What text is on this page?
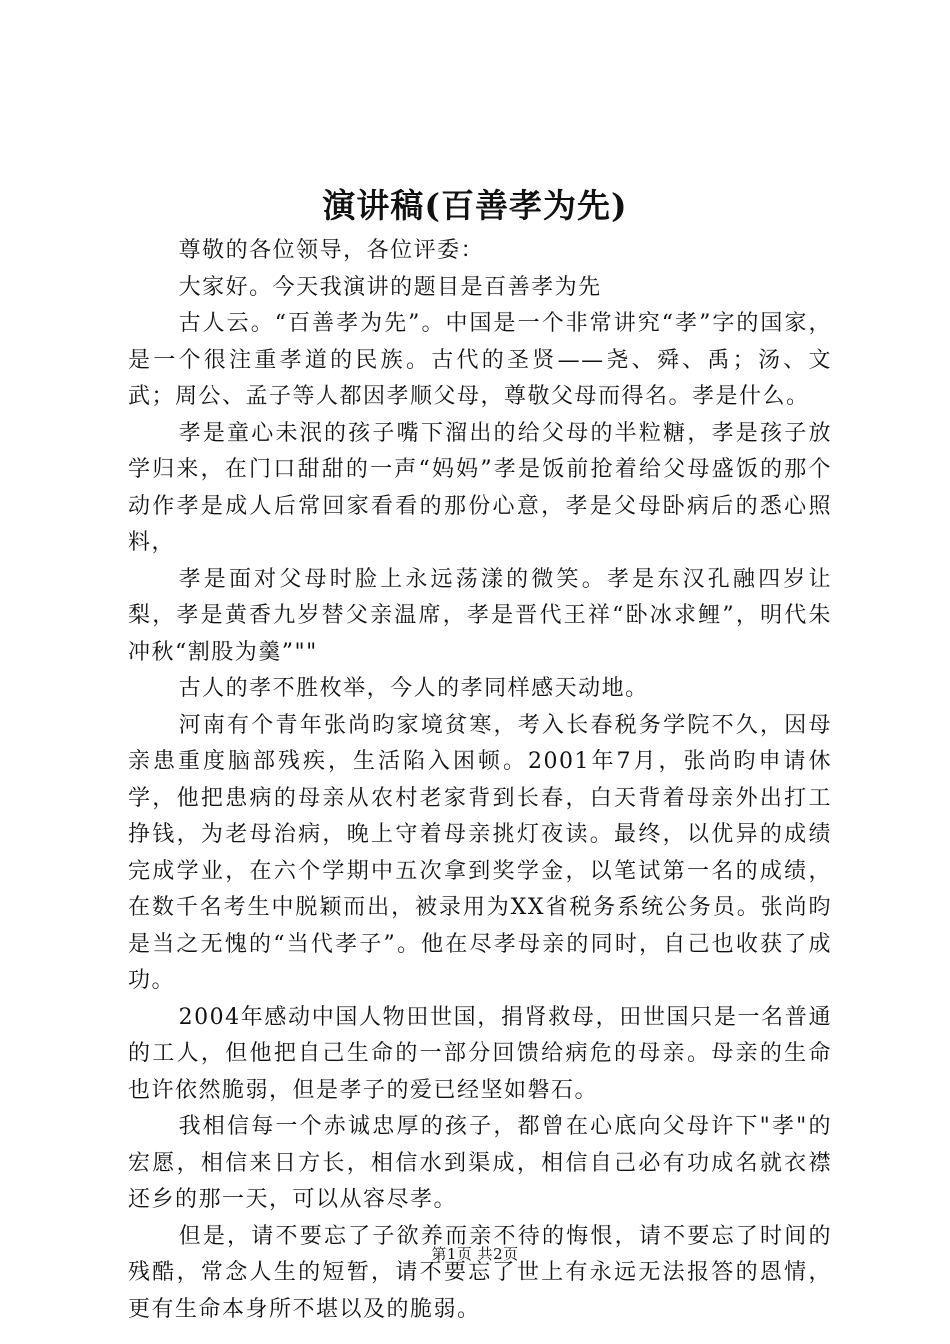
演讲稿(百善孝为先)

尊敬的各位领导，各位评委：

大家好。今天我演讲的题目是百善孝为先

古人云。“百善孝为先”。中国是一个非常讲究“孝”字的国家，是一个很注重孝道的民族。古代的圣贤——尧、舜、禹；汤、文武；周公、孟子等人都因孝顺父母，尊敬父母而得名。孝是什么。

孝是童心未泯的孩子嘴下溜出的给父母的半粒糖，孝是孩子放学归来，在门口甜甜的一声“妈妈”孝是饭前抢着给父母盛饭的那个动作孝是成人后常回家看看的那份心意，孝是父母卧病后的悉心照料，

孝是面对父母时脸上永远荡漾的微笑。孝是东汉孔融四岁让梨，孝是黄香九岁替父亲温席，孝是晋代王祥“卧冰求鲤”，明代朱冲秋“割股为羹”""

古人的孝不胜枚举，今人的孝同样感天动地。

河南有个青年张尚昀家境贫寒，考入长春税务学院不久，因母亲患重度脑部残疾，生活陷入困顿。2001年7月，张尚昀申请休学，他把患病的母亲从农村老家背到长春，白天背着母亲外出打工挣钱，为老母治病，晚上守着母亲挑灯夜读。最终，以优异的成绩完成学业，在六个学期中五次拿到奖学金，以笔试第一名的成绩，在数千名考生中脱颖而出，被录用为XX省税务系统公务员。张尚昀是当之无愧的“当代孝子”。他在尽孝母亲的同时，自己也收获了成功。

2004年感动中国人物田世国，捐肾救母，田世国只是一名普通的工人，但他把自己生命的一部分回馈给病危的母亲。母亲的生命也许依然脆弱，但是孝子的爱已经坚如磐石。

我相信每一个赤诚忠厚的孩子，都曾在心底向父母许下"孝"的宏愿，相信来日方长，相信水到渠成，相信自己必有功成名就衣襟还乡的那一天，可以从容尽孝。

但是，请不要忘了子欲养而亲不待的悔恨，请不要忘了时间的残酷，常念人生的短暂，请不要忘了世上有永远无法报答的恩情，更有生命本身所不堪以及的脆弱。

第1页 共2页
